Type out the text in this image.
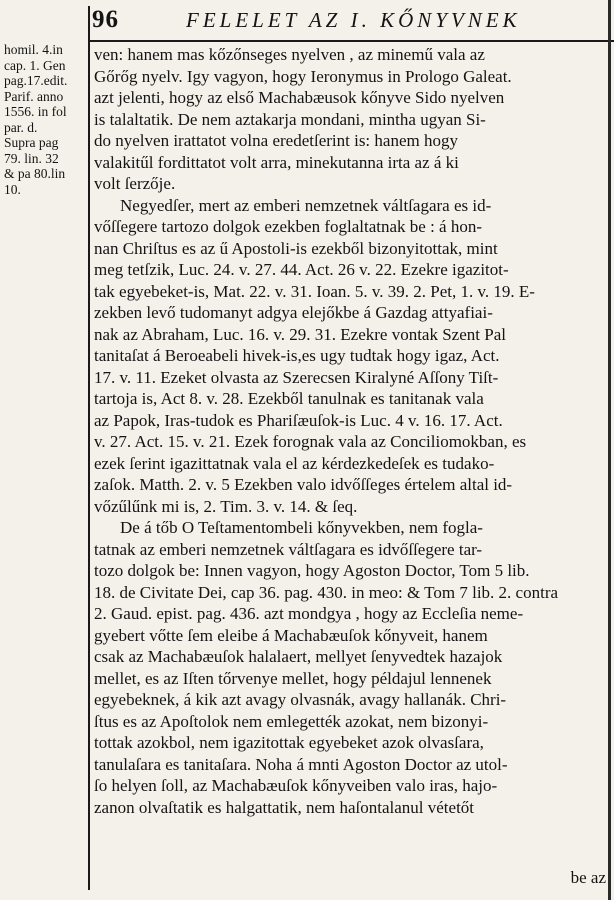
96	FELELET AZ I. KŐNYVNEK
homil. 4.in
cap. 1. Gen
pag.17.edit.
Parif. anno
1556. in fol
par. d.
Supra pag
79. lin. 32
& pa 80.lin
10.
ven: hanem mas kőzőnseges nyelven , az minemű vala az
Gőrőg nyelv. Igy vagyon, hogy Ieronymus in Prologo Galeat.
azt jelenti, hogy az első Machabæusok kőnyve Sido nyelven
is talaltatik. De nem aztakarja mondani, mintha ugyan Si-
do nyelven irattatot volna eredetſerint is: hanem hogy
valakitűl fordittatot volt arra, minekutanna irta az á ki
volt ſerzője.
Negyedſer, mert az emberi nemzetnek váltſagara es id-
vőſſegere tartozo dolgok ezekben foglaltatnak be : á hon-
nan Chriſtus es az ű Apostoli-is ezekből bizonyitottak, mint
meg tetſzik, Luc. 24. v. 27. 44. Act. 26 v. 22. Ezekre igazitot-
tak egyebeket-is, Mat. 22. v. 31. Ioan. 5. v. 39. 2. Pet, 1. v. 19. E-
zekben levő tudomanyt adgya elejőkbe á Gazdag attyafiai-
nak az Abraham, Luc. 16. v. 29. 31. Ezekre vontak Szent Pal
tanitaſat á Beroeabeli hivek-is,es ugy tudtak hogy igaz, Act.
17. v. 11. Ezeket olvasta az Szerecsen Kiralyné Aſſony Tiſt-
tartoja is, Act 8. v. 28. Ezekből tanulnak es tanitanak vala
az Papok, Iras-tudok es Phariſæuſok-is Luc. 4 v. 16. 17. Act.
v. 27. Act. 15. v. 21. Ezek forognak vala az Conciliomokban, es
ezek ſerint igazittatnak vala el az kérdezkedeſek es tudako-
zaſok. Matth. 2. v. 5 Ezekben valo idvőſſeges értelem altal id-
vőzűlűnk mi is, 2. Tim. 3. v. 14. & ſeq.
De á tőb O Teſtamentombeli kőnyvekben, nem fogla-
tatnak az emberi nemzetnek váltſagara es idvőſſegere tar-
tozo dolgok be: Innen vagyon, hogy Agoston Doctor, Tom 5 lib.
18. de Civitate Dei, cap 36. pag. 430. in meo: & Tom 7 lib. 2. contra
2. Gaud. epist. pag. 436. azt mondgya , hogy az Eccleſia neme-
gyebert vőtte ſem eleibe á Machabæuſok kőnyveit, hanem
csak az Machabæuſok halalaert, mellyet ſenyvedtek hazajok
mellet, es az Iſten tőrvenye mellet, hogy példajul lennenek
egyebeknek, á kik azt avagy olvasnák, avagy hallanák. Chri-
ſtus es az Apoſtolok nem emlegették azokat, nem bizonyi-
tottak azokbol, nem igazitottak egyebeket azok olvasſara,
tanulaſara es tanitaſara. Noha á mnti Agoston Doctor az utol-
ſo helyen ſoll, az Machabæuſok kőnyveiben valo iras, hajo-
zanon olvaſtatik es halgattatik, nem haſontalanul vétetőt
be az
